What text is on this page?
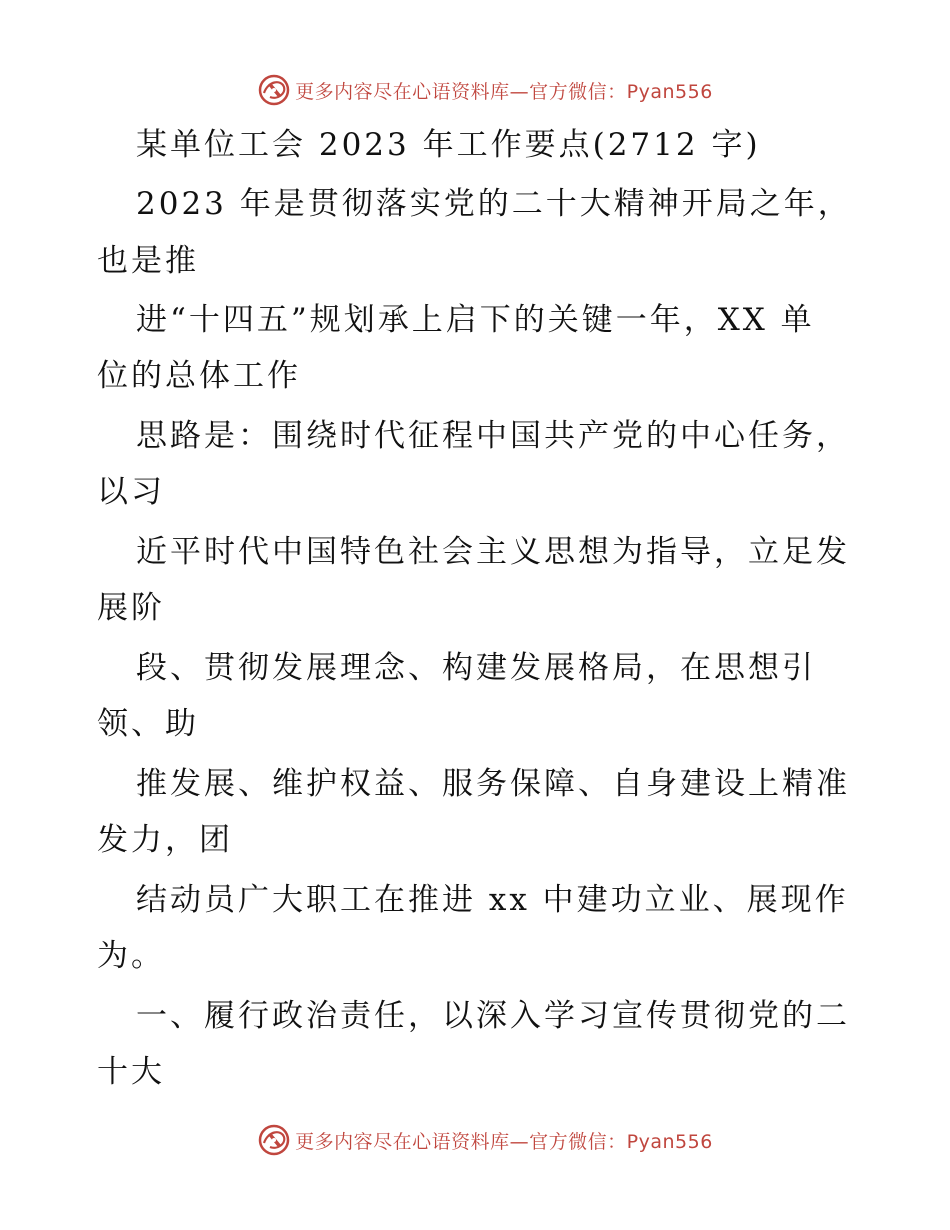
更多内容尽在心语资料库—官方微信：Pyan556
某单位工会 2023 年工作要点(2712 字)
2023 年是贯彻落实党的二十大精神开局之年，
也是推
进“十四五”规划承上启下的关键一年，XX 单
位的总体工作
思路是：围绕时代征程中国共产党的中心任务，
以习
近平时代中国特色社会主义思想为指导，立足发
展阶
段、贯彻发展理念、构建发展格局，在思想引
领、助
推发展、维护权益、服务保障、自身建设上精准
发力，团
结动员广大职工在推进 xx 中建功立业、展现作
为。
一、履行政治责任，以深入学习宣传贯彻党的二
十大
更多内容尽在心语资料库—官方微信：Pyan556
